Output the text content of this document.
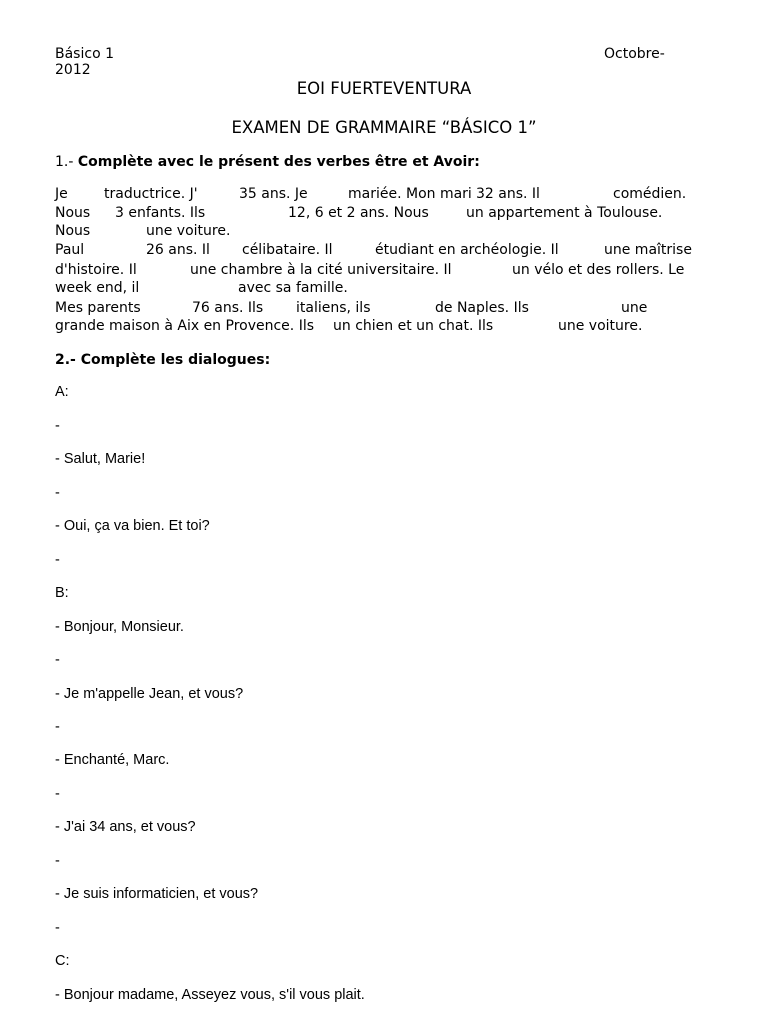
Básico 1
2012
Octobre-
EOI FUERTEVENTURA
EXAMEN DE GRAMMAIRE “BÁSICO 1”
1.- Complète avec le présent des verbes être et Avoir:
Je	traductrice. J'	35 ans. Je	mariée. Mon mari 32 ans. Il	comédien.
Nous 3 enfants. Ils	12, 6 et 2 ans. Nous	un appartement à Toulouse.
Nous	une voiture.
Paul	26 ans. Il célibataire. Il	étudiant en archéologie. Il	une maîtrise
d'histoire. Il	une chambre à la cité universitaire. Il	un vélo et des rollers. Le
week end, il	avec sa famille.
Mes parents	76 ans. Ils italiens, ils	de Naples. Ils	une
grande maison à Aix en Provence. Ils un chien et un chat. Ils	une voiture.
2.- Complète les dialogues:
A:
-
- Salut, Marie!
-
- Oui, ça va bien. Et toi?
-
B:
- Bonjour, Monsieur.
-
- Je m'appelle Jean, et vous?
-
- Enchanté, Marc.
-
- J'ai 34 ans, et vous?
-
- Je suis informaticien, et vous?
-
C:
- Bonjour madame, Asseyez vous, s'il vous plait.
